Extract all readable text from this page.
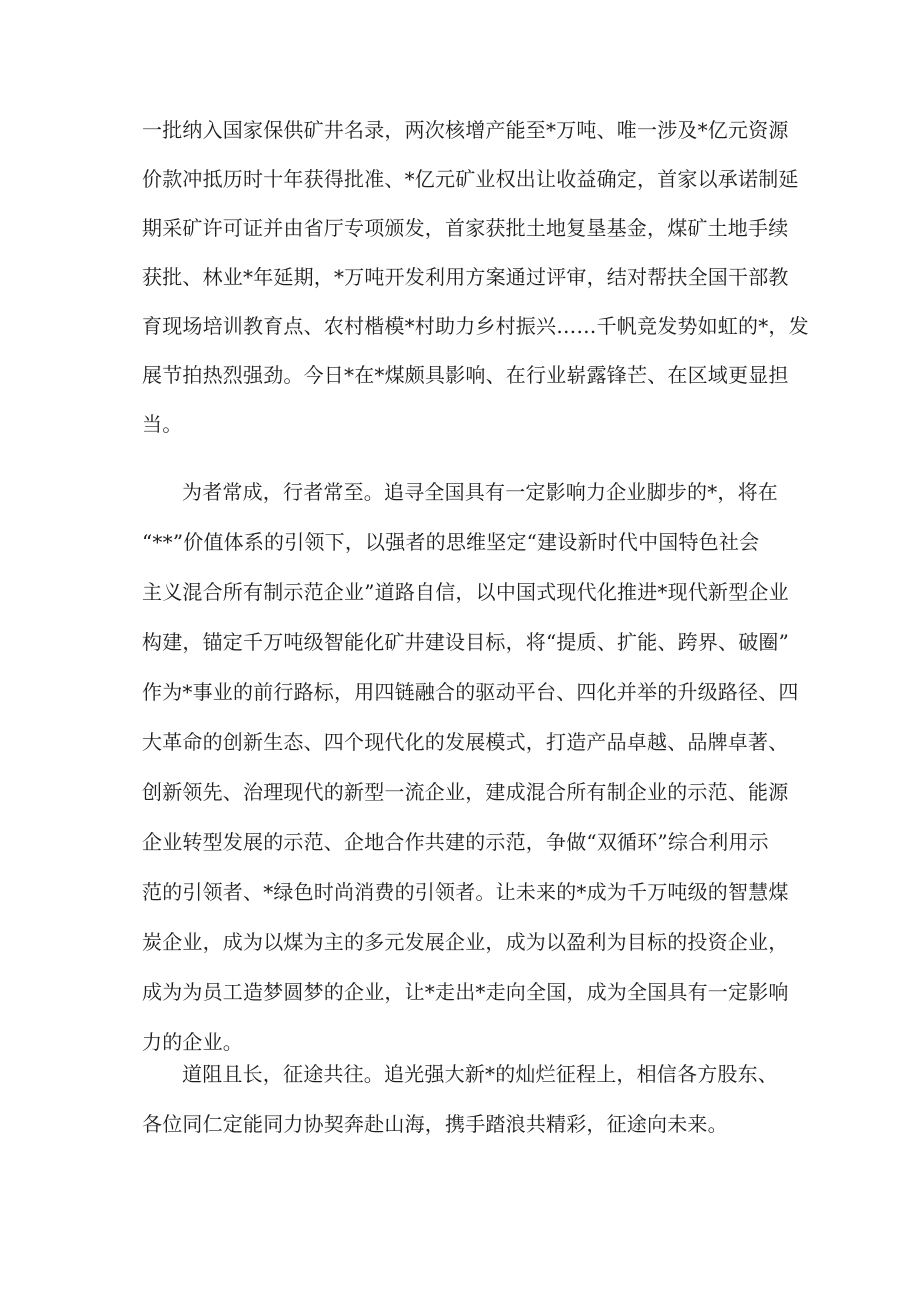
一批纳入国家保供矿井名录，两次核增产能至*万吨、唯一涉及*亿元资源
价款冲抵历时十年获得批准、*亿元矿业权出让收益确定，首家以承诺制延
期采矿许可证并由省厅专项颁发，首家获批土地复垦基金，煤矿土地手续
获批、林业*年延期，*万吨开发利用方案通过评审，结对帮扶全国干部教
育现场培训教育点、农村楷模*村助力乡村振兴……千帆竞发势如虹的*，发
展节拍热烈强劲。今日*在*煤颇具影响、在行业崭露锋芒、在区域更显担
当。
为者常成，行者常至。追寻全国具有一定影响力企业脚步的*，将在
“**”价值体系的引领下，以强者的思维坚定“建设新时代中国特色社会
主义混合所有制示范企业”道路自信，以中国式现代化推进*现代新型企业
构建，锚定千万吨级智能化矿井建设目标，将“提质、扩能、跨界、破圈”
作为*事业的前行路标，用四链融合的驱动平台、四化并举的升级路径、四
大革命的创新生态、四个现代化的发展模式，打造产品卓越、品牌卓著、
创新领先、治理现代的新型一流企业，建成混合所有制企业的示范、能源
企业转型发展的示范、企地合作共建的示范，争做“双循环”综合利用示
范的引领者、*绿色时尚消费的引领者。让未来的*成为千万吨级的智慧煤
炭企业，成为以煤为主的多元发展企业，成为以盈利为目标的投资企业，
成为为员工造梦圆梦的企业，让*走出*走向全国，成为全国具有一定影响
力的企业。
道阻且长，征途共往。追光强大新*的灿烂征程上，相信各方股东、
各位同仁定能同力协契奔赴山海，携手踏浪共精彩，征途向未来。
